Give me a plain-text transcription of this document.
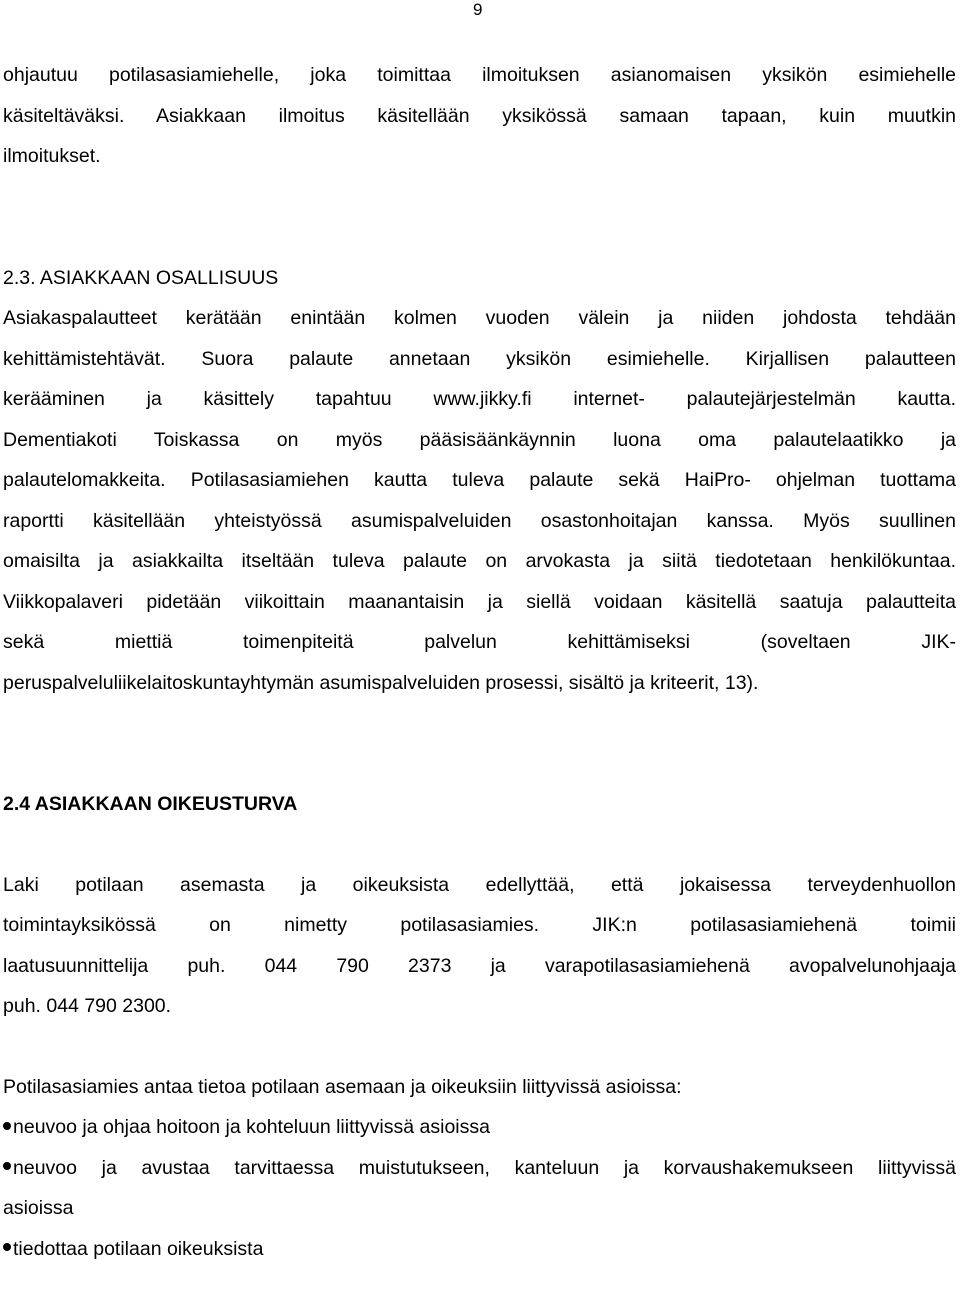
9
ohjautuu potilasasiamiehelle, joka toimittaa ilmoituksen asianomaisen yksikön esimiehelle
käsiteltäväksi. Asiakkaan ilmoitus käsitellään yksikössä samaan tapaan, kuin muutkin
ilmoitukset.
2.3. ASIAKKAAN OSALLISUUS
Asiakaspalautteet kerätään enintään kolmen vuoden välein ja niiden johdosta tehdään
kehittämistehtävät. Suora palaute annetaan yksikön esimiehelle. Kirjallisen palautteen
kerääminen ja käsittely tapahtuu www.jikky.fi internet- palautejärjestelmän kautta.
Dementiakoti Toiskassa on myös pääsisäänkäynnin luona oma palautelaatikko ja
palautelomakkeita. Potilasasiamiehen kautta tuleva palaute sekä HaiPro- ohjelman tuottama
raportti käsitellään yhteistyössä asumispalveluiden osastonhoitajan kanssa. Myös suullinen
omaisilta ja asiakkailta itseltään tuleva palaute on arvokasta ja siitä tiedotetaan henkilökuntaa.
Viikkopalaveri pidetään viikoittain maanantaisin ja siellä voidaan käsitellä saatuja palautteita
sekä miettiä toimenpiteitä palvelun kehittämiseksi (soveltaen JIK-
peruspalveluliikelaitoskuntayhtymän asumispalveluiden prosessi, sisältö ja kriteerit, 13).
2.4 ASIAKKAAN OIKEUSTURVA
Laki potilaan asemasta ja oikeuksista edellyttää, että jokaisessa terveydenhuollon
toimintayksikössä on nimetty potilasasiamies. JIK:n potilasasiamiehenä toimii
laatusuunnittelija puh. 044 790 2373 ja varapotilasasiamiehenä avopalvelunohjaaja
puh. 044 790 2300.
Potilasasiamies antaa tietoa potilaan asemaan ja oikeuksiin liittyvissä asioissa:
neuvoo ja ohjaa hoitoon ja kohteluun liittyvissä asioissa
neuvoo ja avustaa tarvittaessa muistutukseen, kanteluun ja korvaushakemukseen liittyvissä
asioissa
tiedottaa potilaan oikeuksista
